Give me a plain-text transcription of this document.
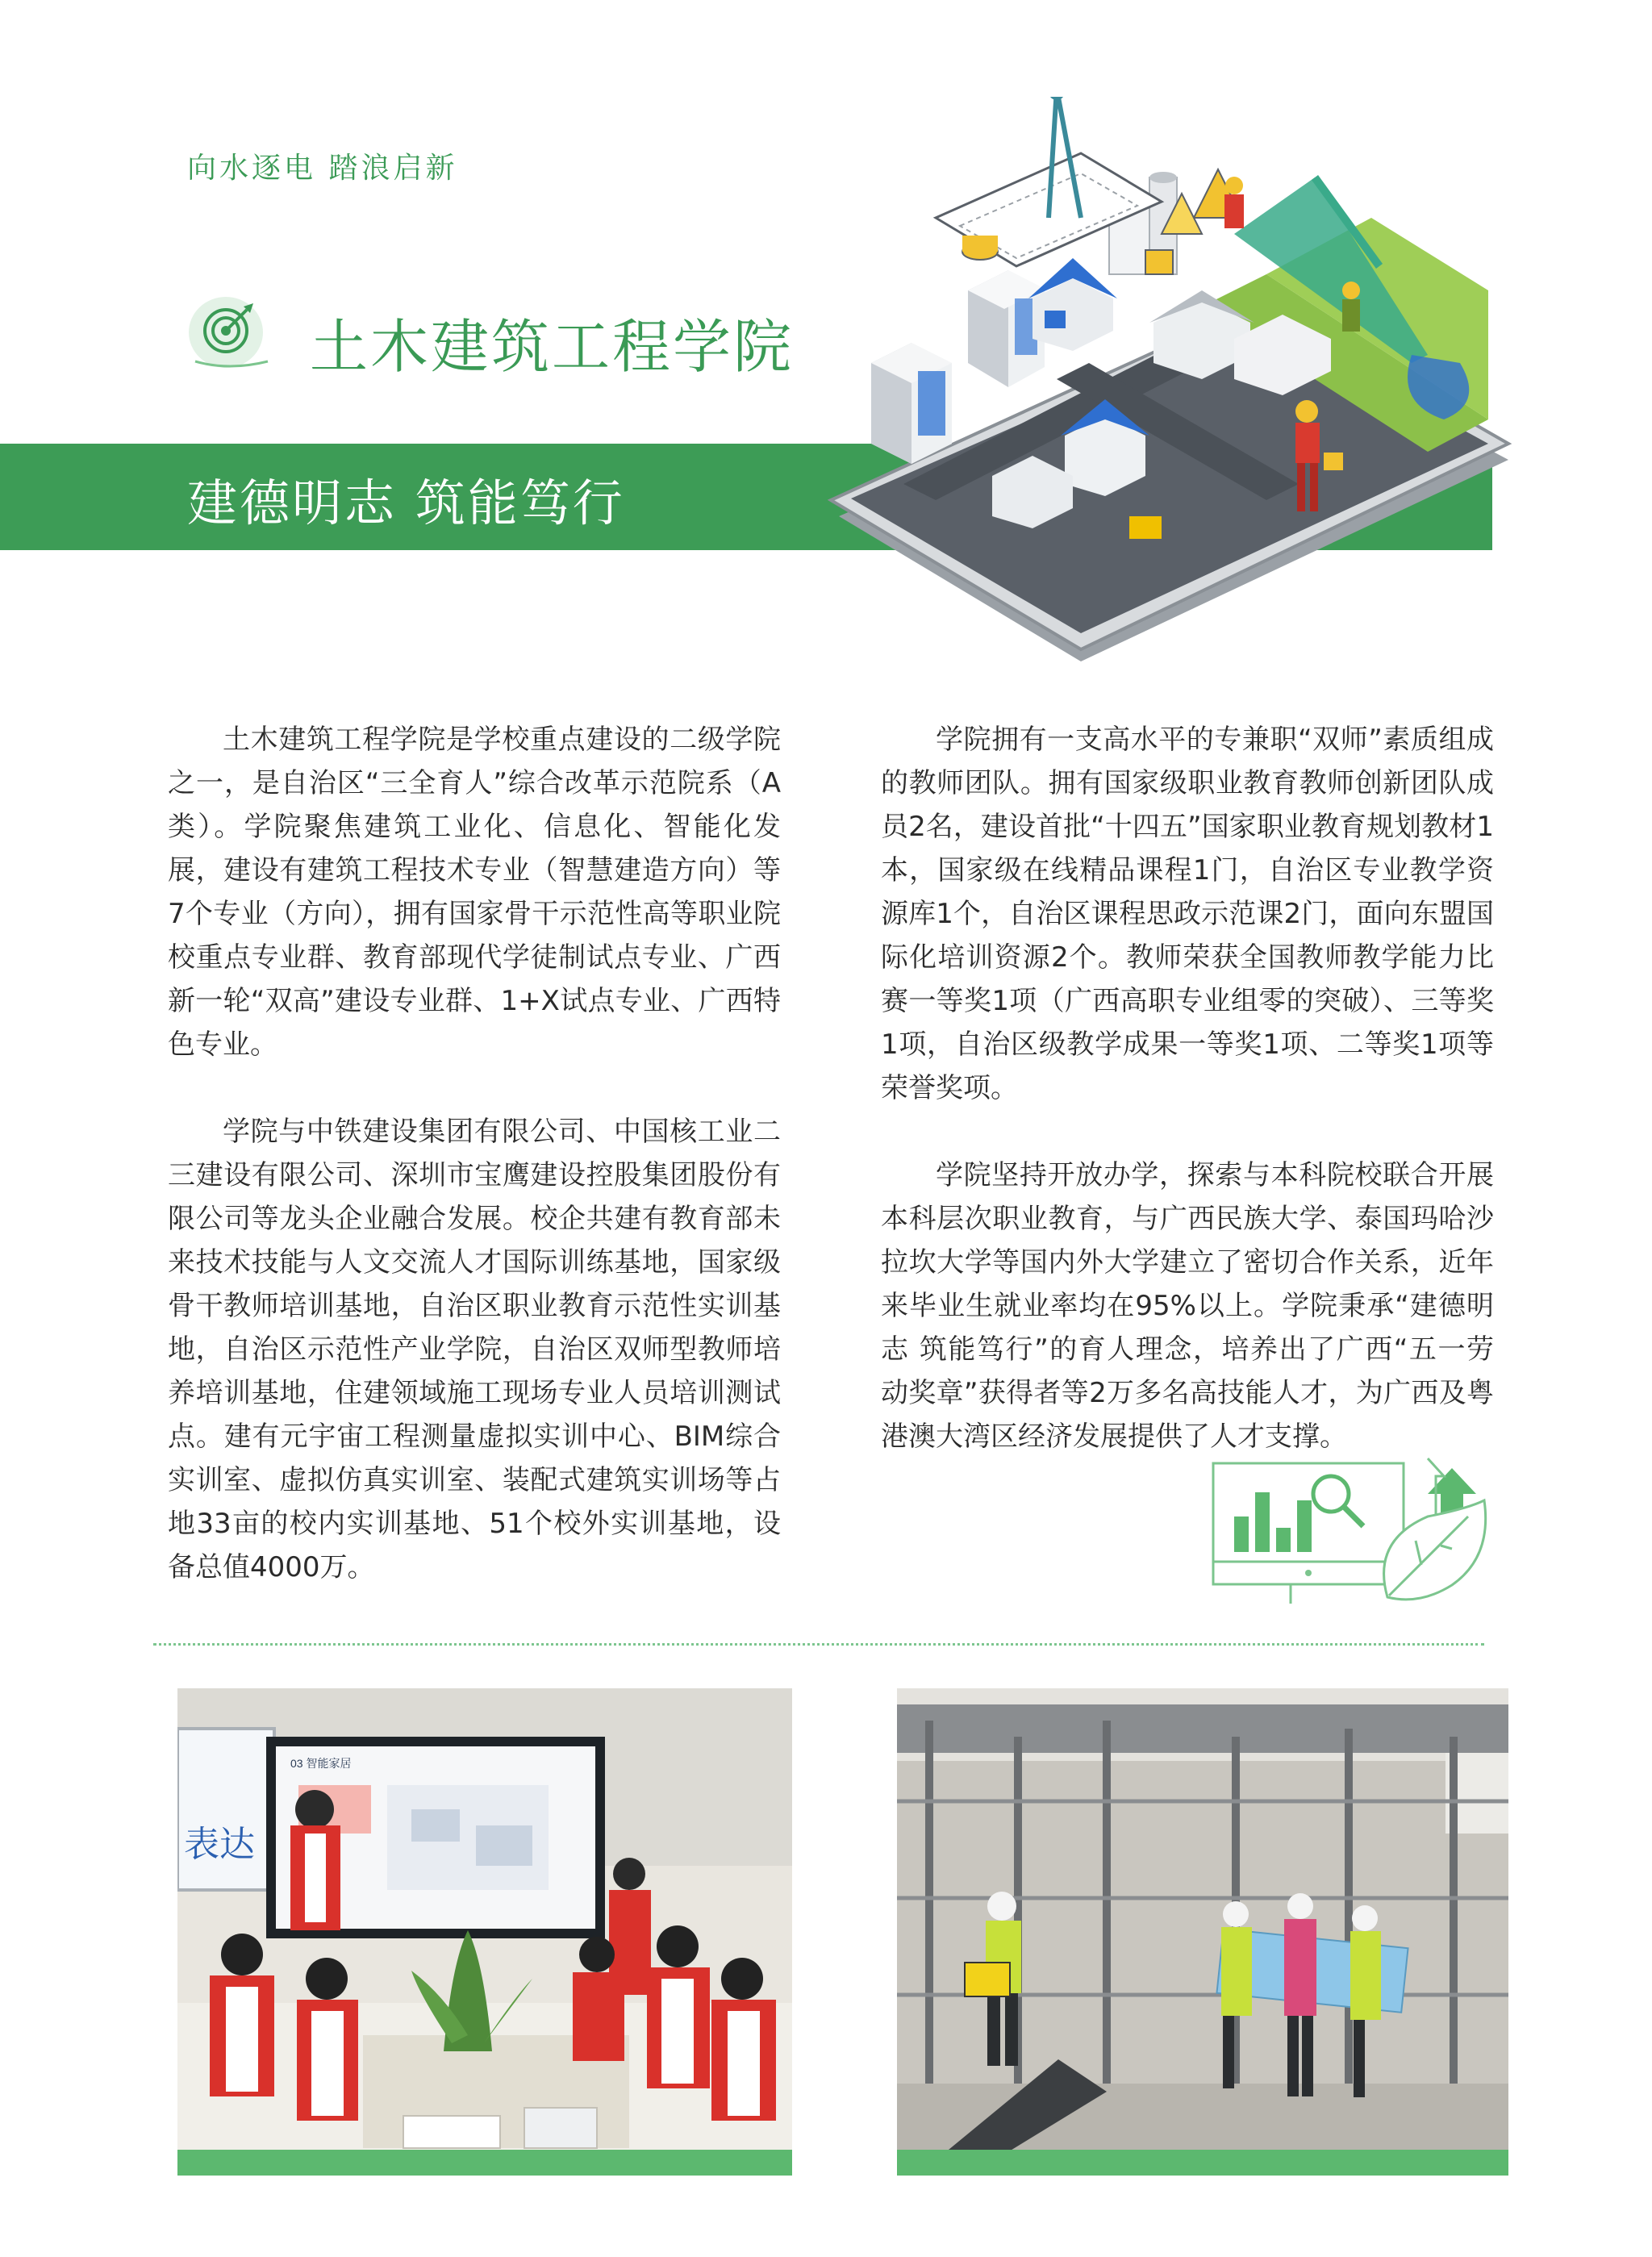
向水逐电 踏浪启新
土木建筑工程学院
建德明志 筑能笃行

土木建筑工程学院是学校重点建设的二级学院之一，是自治区“三全育人”综合改革示范院系（A类）。学院聚焦建筑工业化、信息化、智能化发展，建设有建筑工程技术专业（智慧建造方向）等7个专业（方向），拥有国家骨干示范性高等职业院校重点专业群、教育部现代学徒制试点专业、广西新一轮“双高”建设专业群、1+X试点专业、广西特色专业。

学院与中铁建设集团有限公司、中国核工业二三建设有限公司、深圳市宝鹰建设控股集团股份有限公司等龙头企业融合发展。校企共建有教育部未来技术技能与人文交流人才国际训练基地，国家级骨干教师培训基地，自治区职业教育示范性实训基地，自治区示范性产业学院，自治区双师型教师培养培训基地，住建领域施工现场专业人员培训测试点。建有元宇宙工程测量虚拟实训中心、BIM综合实训室、虚拟仿真实训室、装配式建筑实训场等占地33亩的校内实训基地、51个校外实训基地，设备总值4000万。

学院拥有一支高水平的专兼职“双师”素质组成的教师团队。拥有国家级职业教育教师创新团队成员2名，建设首批“十四五”国家职业教育规划教材1本，国家级在线精品课程1门，自治区专业教学资源库1个，自治区课程思政示范课2门，面向东盟国际化培训资源2个。教师荣获全国教师教学能力比赛一等奖1项（广西高职专业组零的突破）、三等奖1项，自治区级教学成果一等奖1项、二等奖1项等荣誉奖项。

学院坚持开放办学，探索与本科院校联合开展本科层次职业教育，与广西民族大学、泰国玛哈沙拉坎大学等国内外大学建立了密切合作关系，近年来毕业生就业率均在95%以上。学院秉承“建德明志 筑能笃行”的育人理念，培养出了广西“五一劳动奖章”获得者等2万多名高技能人才，为广西及粤港澳大湾区经济发展提供了人才支撑。

表达
03 智能家居
